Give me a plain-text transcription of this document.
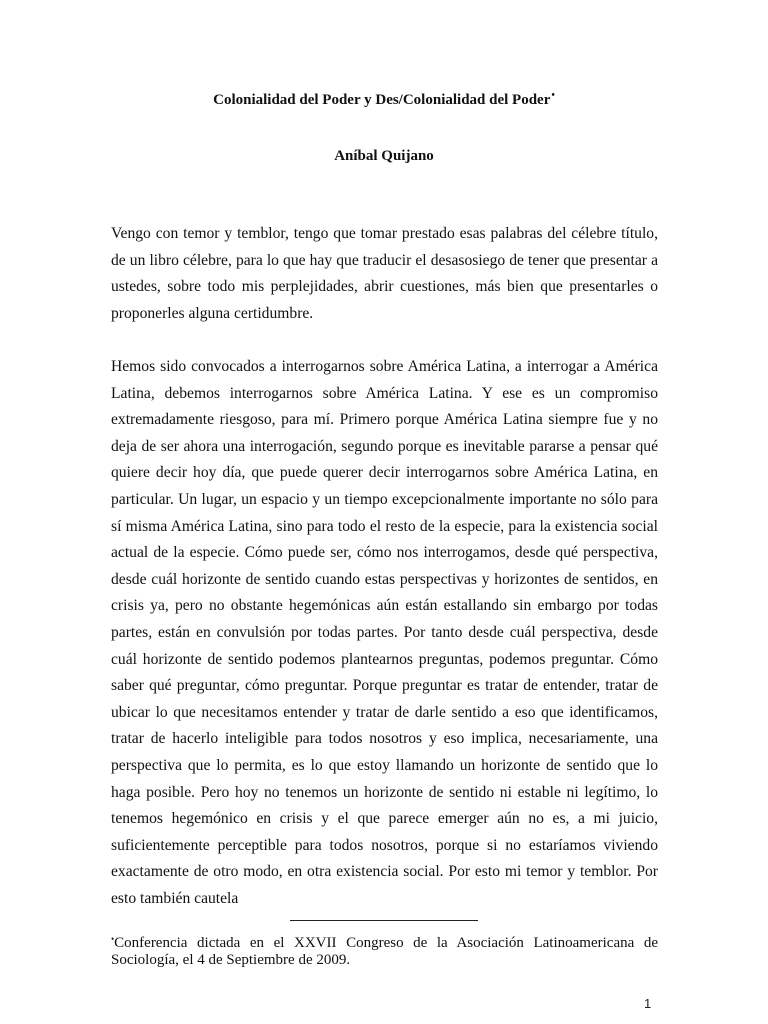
Colonialidad del Poder y Des/Colonialidad del Poder•
Aníbal Quijano

Vengo con temor y temblor, tengo que tomar prestado esas palabras del célebre título, de un libro célebre, para lo que hay que traducir el desasosiego de tener que presentar a ustedes, sobre todo mis perplejidades, abrir cuestiones, más bien que presentarles o proponerles alguna certidumbre.

Hemos sido convocados a interrogarnos sobre América Latina, a interrogar a América Latina, debemos interrogarnos sobre América Latina. Y ese es un compromiso extremadamente riesgoso, para mí. Primero porque América Latina siempre fue y no deja de ser ahora una interrogación, segundo porque es inevitable pararse a pensar qué quiere decir hoy día, que puede querer decir interrogarnos sobre América Latina, en particular. Un lugar, un espacio y un tiempo excepcionalmente importante no sólo para sí misma América Latina, sino para todo el resto de la especie, para la existencia social actual de la especie. Cómo puede ser, cómo nos interrogamos, desde qué perspectiva, desde cuál horizonte de sentido cuando estas perspectivas y horizontes de sentidos, en crisis ya, pero no obstante hegemónicas aún están estallando sin embargo por todas partes, están en convulsión por todas partes. Por tanto desde cuál perspectiva, desde cuál horizonte de sentido podemos plantearnos preguntas, podemos preguntar. Cómo saber qué preguntar, cómo preguntar. Porque preguntar es tratar de entender, tratar de ubicar lo que necesitamos entender y tratar de darle sentido a eso que identificamos, tratar de hacerlo inteligible para todos nosotros y eso implica, necesariamente, una perspectiva que lo permita, es lo que estoy llamando un horizonte de sentido que lo haga posible. Pero hoy no tenemos un horizonte de sentido ni estable ni legítimo, lo tenemos hegemónico en crisis y el que parece emerger aún no es, a mi juicio, suficientemente perceptible para todos nosotros, porque si no estaríamos viviendo exactamente de otro modo, en otra existencia social. Por esto mi temor y temblor. Por esto también cautela

•Conferencia dictada en el XXVII Congreso de la Asociación Latinoamericana de Sociología, el 4 de Septiembre de 2009.
1
